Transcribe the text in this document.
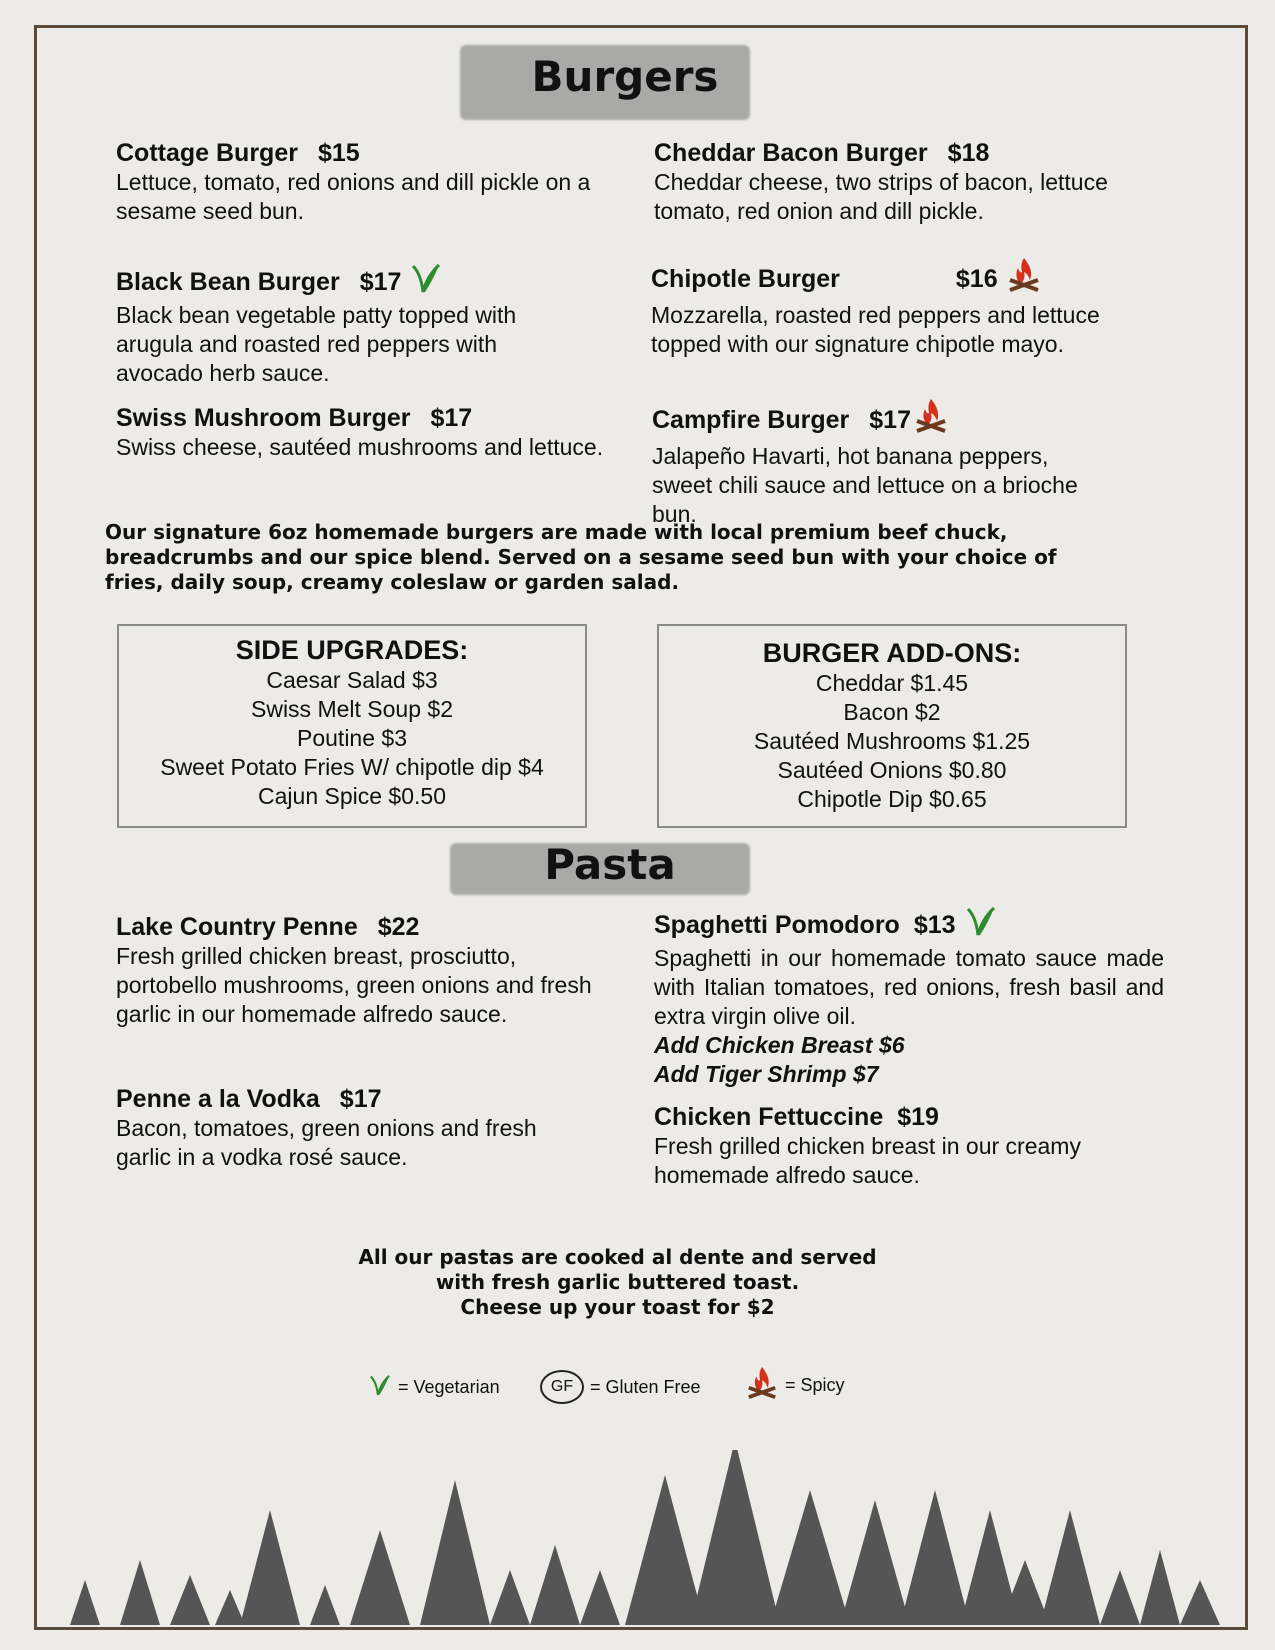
Burgers
Cottage Burger $15
Lettuce, tomato, red onions and dill pickle on a sesame seed bun.
Cheddar Bacon Burger $18
Cheddar cheese, two strips of bacon, lettuce tomato, red onion and dill pickle.
Black Bean Burger $17
Black bean vegetable patty topped with arugula and roasted red peppers with avocado herb sauce.
Chipotle Burger	$16
Mozzarella, roasted red peppers and lettuce topped with our signature chipotle mayo.
Swiss Mushroom Burger $17
Swiss cheese, sautéed mushrooms and lettuce.
Campfire Burger $17
Jalapeño Havarti, hot banana peppers, sweet chili sauce and lettuce on a brioche bun.
Our signature 6oz homemade burgers are made with local premium beef chuck, breadcrumbs and our spice blend. Served on a sesame seed bun with your choice of fries, daily soup, creamy coleslaw or garden salad.
SIDE UPGRADES:
Caesar Salad $3
Swiss Melt Soup $2
Poutine $3
Sweet Potato Fries W/ chipotle dip $4
Cajun Spice $0.50
BURGER ADD-ONS:
Cheddar $1.45
Bacon $2
Sautéed Mushrooms $1.25
Sautéed Onions $0.80
Chipotle Dip $0.65
Pasta
Lake Country Penne $22
Fresh grilled chicken breast, prosciutto, portobello mushrooms, green onions and fresh garlic in our homemade alfredo sauce.
Spaghetti Pomodoro $13
Spaghetti in our homemade tomato sauce made with Italian tomatoes, red onions, fresh basil and extra virgin olive oil.
Add Chicken Breast $6
Add Tiger Shrimp $7
Penne a la Vodka $17
Bacon, tomatoes, green onions and fresh garlic in a vodka rosé sauce.
Chicken Fettuccine $19
Fresh grilled chicken breast in our creamy homemade alfredo sauce.
All our pastas are cooked al dente and served
with fresh garlic buttered toast.
Cheese up your toast for $2
= Vegetarian	GF = Gluten Free	= Spicy
